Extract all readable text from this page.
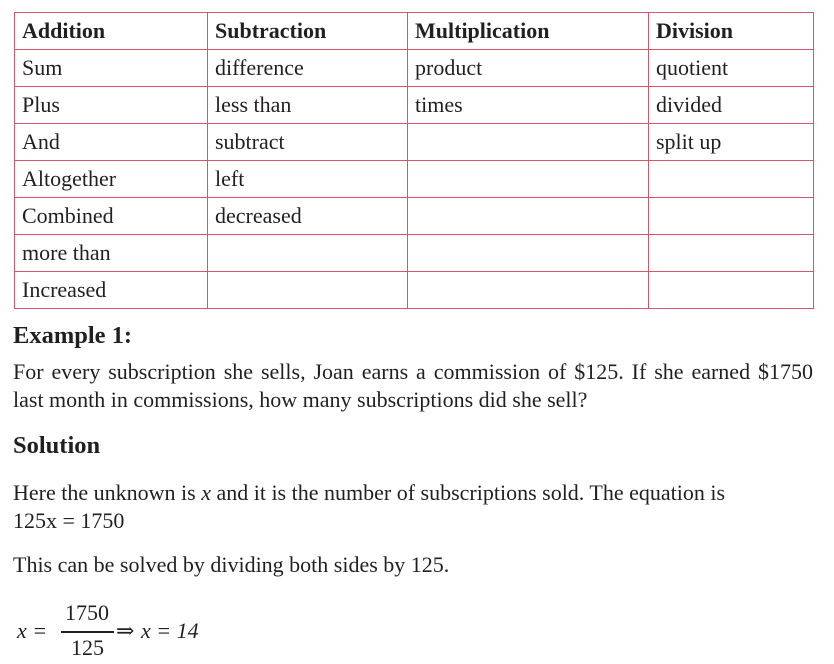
Addition	Subtraction	Multiplication	Division
Sum	difference	product	quotient
Plus	less than	times	divided
And	subtract		split up
Altogether	left		
Combined	decreased		
more than			
Increased			
Example 1:

For every subscription she sells, Joan earns a commission of $125. If she earned $1750 last month in commissions, how many subscriptions did she sell?

Solution

Here the unknown is x and it is the number of subscriptions sold. The equation is

125x = 1750

This can be solved by dividing both sides by 125.

x =
1750
125
⇒ x = 14
